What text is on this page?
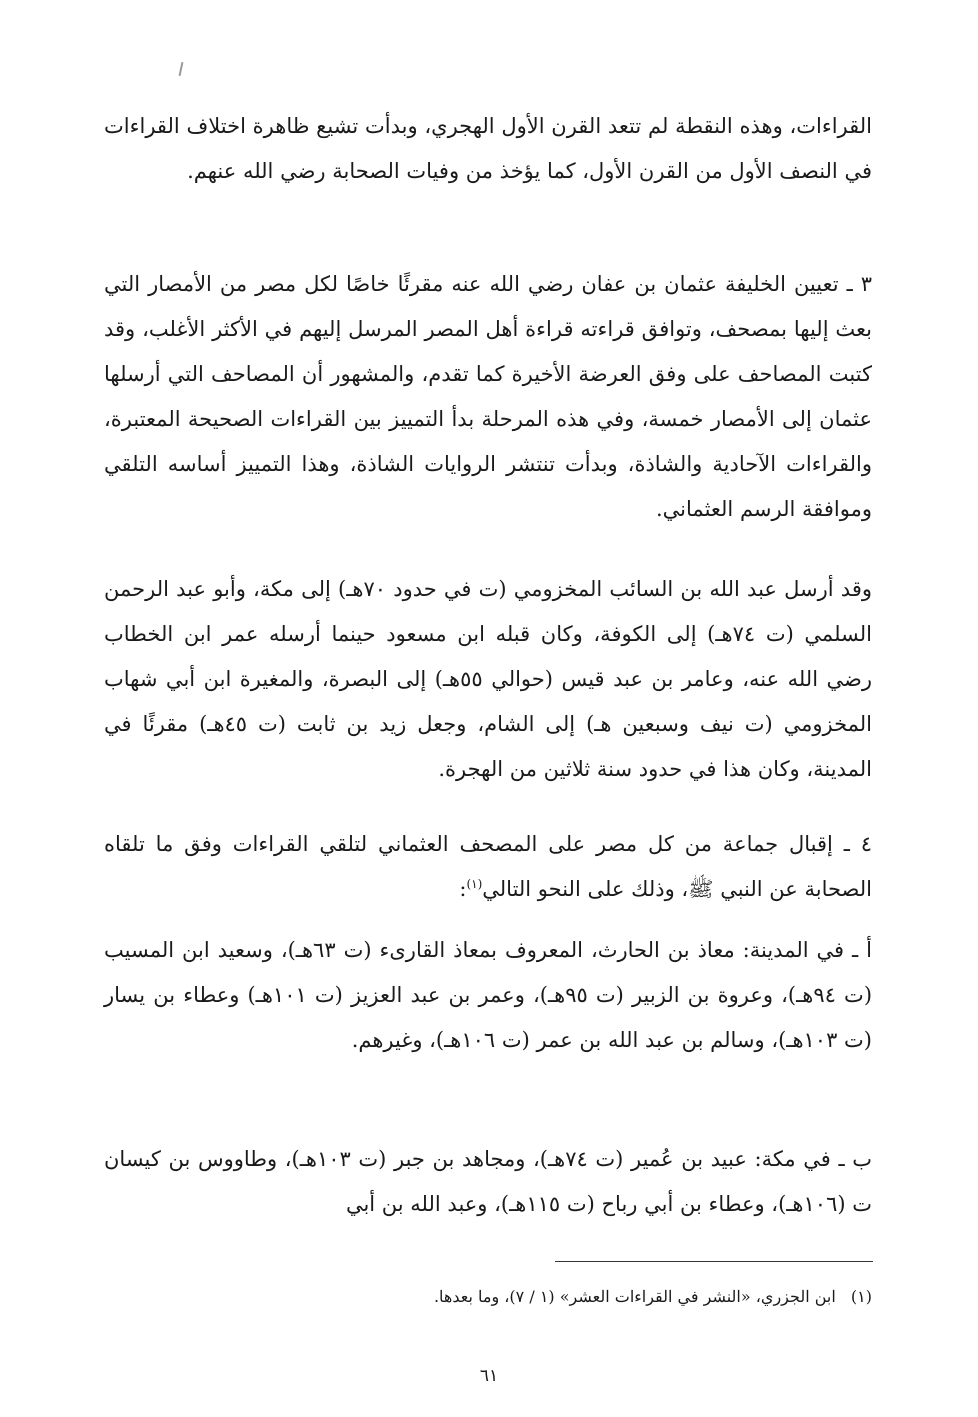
القراءات، وهذه النقطة لم تتعد القرن الأول الهجري، وبدأت تشيع ظاهرة اختلاف القراءات في النصف الأول من القرن الأول، كما يؤخذ من وفيات الصحابة رضي الله عنهم.

٣ ـ تعيين الخليفة عثمان بن عفان رضي الله عنه مقرئًا خاصًا لكل مصر من الأمصار التي بعث إليها بمصحف، وتوافق قراءته قراءة أهل المصر المرسل إليهم في الأكثر الأغلب، وقد كتبت المصاحف على وفق العرضة الأخيرة كما تقدم، والمشهور أن المصاحف التي أرسلها عثمان إلى الأمصار خمسة، وفي هذه المرحلة بدأ التمييز بين القراءات الصحيحة المعتبرة، والقراءات الآحادية والشاذة، وبدأت تنتشر الروايات الشاذة، وهذا التمييز أساسه التلقي وموافقة الرسم العثماني.

وقد أرسل عبد الله بن السائب المخزومي (ت في حدود ٧٠هـ) إلى مكة، وأبو عبد الرحمن السلمي (ت ٧٤هـ) إلى الكوفة، وكان قبله ابن مسعود حينما أرسله عمر ابن الخطاب رضي الله عنه، وعامر بن عبد قيس (حوالي ٥٥هـ) إلى البصرة، والمغيرة ابن أبي شهاب المخزومي (ت نيف وسبعين هـ) إلى الشام، وجعل زيد بن ثابت (ت ٤٥هـ) مقرئًا في المدينة، وكان هذا في حدود سنة ثلاثين من الهجرة.

٤ ـ إقبال جماعة من كل مصر على المصحف العثماني لتلقي القراءات وفق ما تلقاه الصحابة عن النبي ﷺ، وذلك على النحو التالي$^{(١)}$:

أ ـ في المدينة: معاذ بن الحارث، المعروف بمعاذ القارىء (ت ٦٣هـ)، وسعيد ابن المسيب (ت ٩٤هـ)، وعروة بن الزبير (ت ٩٥هـ)، وعمر بن عبد العزيز (ت ١٠١هـ) وعطاء بن يسار (ت ١٠٣هـ)، وسالم بن عبد الله بن عمر (ت ١٠٦هـ)، وغيرهم.

ب ـ في مكة: عبيد بن عُمير (ت ٧٤هـ)، ومجاهد بن جبر (ت ١٠٣هـ)، وطاووس بن كيسان ت (١٠٦هـ)، وعطاء بن أبي رباح (ت ١١٥هـ)، وعبد الله بن أبي

(١) ابن الجزري، «النشر في القراءات العشر» (١ / ٧)، وما بعدها.
٦١
